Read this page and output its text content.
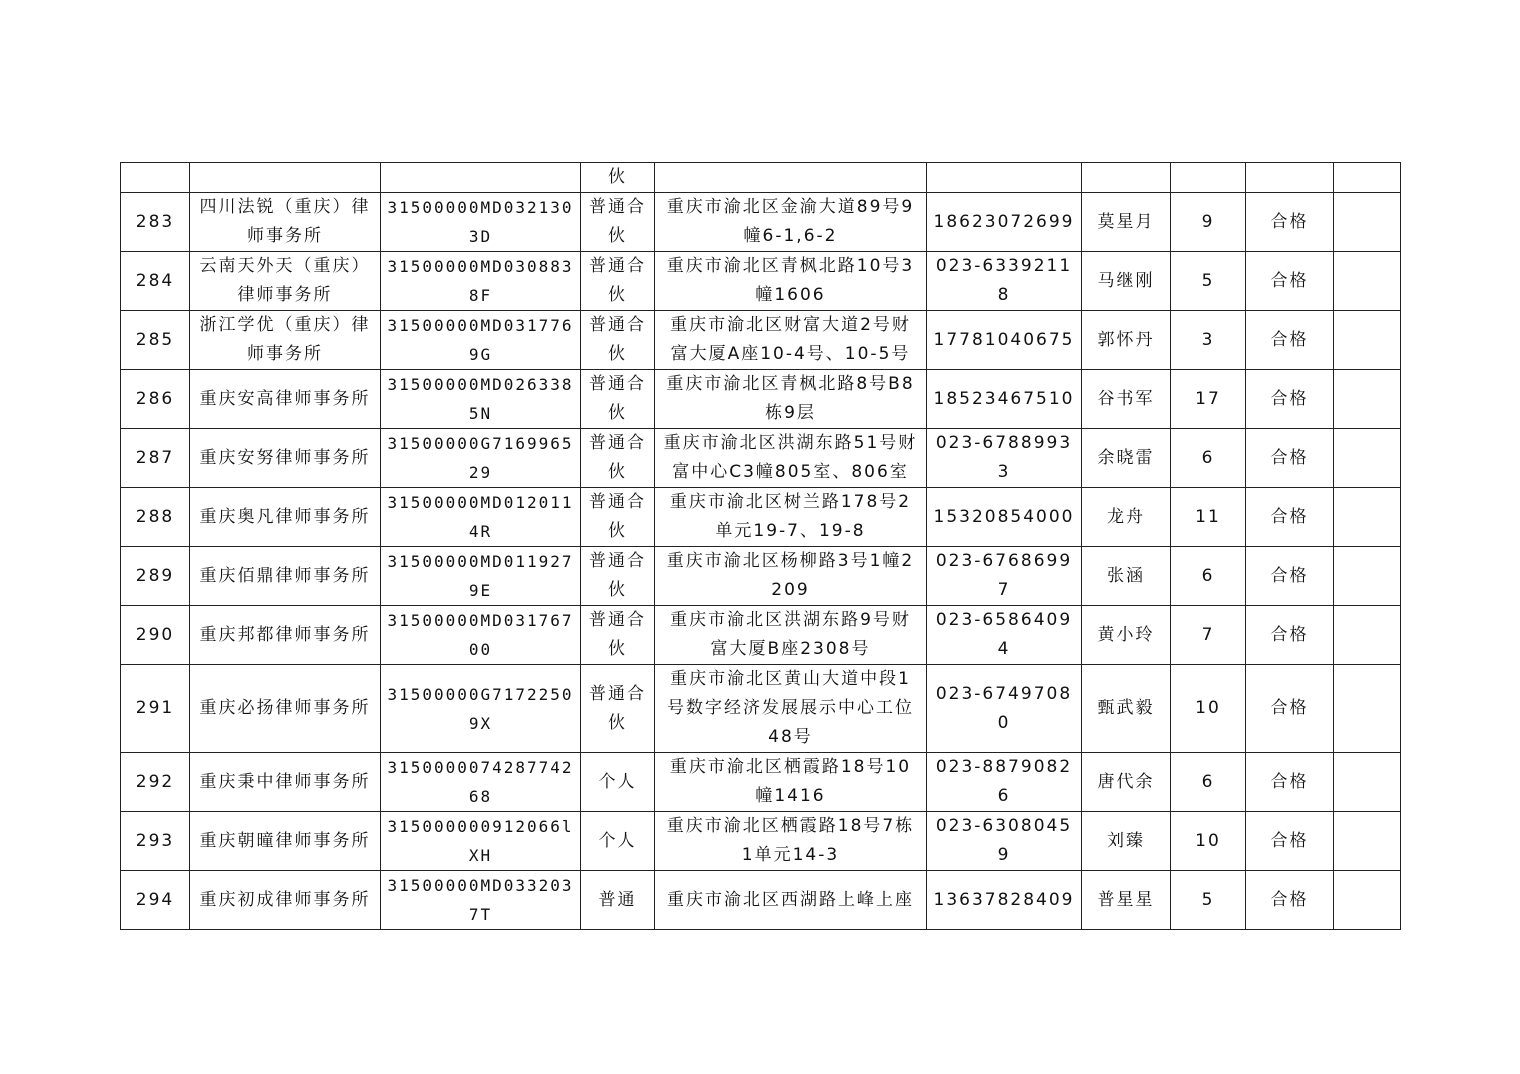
			伙						
283	四川法锐（重庆）律师事务所	31500000MD0321303D	普通合伙	重庆市渝北区金渝大道89号9幢6-1,6-2	18623072699	莫星月	9	合格	
284	云南天外天（重庆）律师事务所	31500000MD0308838F	普通合伙	重庆市渝北区青枫北路10号3幢1606	023-63392118	马继刚	5	合格	
285	浙江学优（重庆）律师事务所	31500000MD0317769G	普通合伙	重庆市渝北区财富大道2号财富大厦A座10-4号、10-5号	17781040675	郭怀丹	3	合格	
286	重庆安高律师事务所	31500000MD0263385N	普通合伙	重庆市渝北区青枫北路8号B8栋9层	18523467510	谷书军	17	合格	
287	重庆安努律师事务所	31500000G716996529	普通合伙	重庆市渝北区洪湖东路51号财富中心C3幢805室、806室	023-67889933	余晓雷	6	合格	
288	重庆奥凡律师事务所	31500000MD0120114R	普通合伙	重庆市渝北区树兰路178号2单元19-7、19-8	15320854000	龙舟	11	合格	
289	重庆佰鼎律师事务所	31500000MD0119279E	普通合伙	重庆市渝北区杨柳路3号1幢2209	023-67686997	张涵	6	合格	
290	重庆邦都律师事务所	31500000MD03176700	普通合伙	重庆市渝北区洪湖东路9号财富大厦B座2308号	023-65864094	黄小玲	7	合格	
291	重庆必扬律师事务所	31500000G71722509X	普通合伙	重庆市渝北区黄山大道中段1号数字经济发展展示中心工位48号	023-67497080	甄武毅	10	合格	
292	重庆秉中律师事务所	315000007428774268	个人	重庆市渝北区栖霞路18号10幢1416	023-88790826	唐代余	6	合格	
293	重庆朝曈律师事务所	315000000912066lXH	个人	重庆市渝北区栖霞路18号7栋1单元14-3	023-63080459	刘臻	10	合格	
294	重庆初成律师事务所	31500000MD0332037T	普通	重庆市渝北区西湖路上峰上座	13637828409	普星星	5	合格	
